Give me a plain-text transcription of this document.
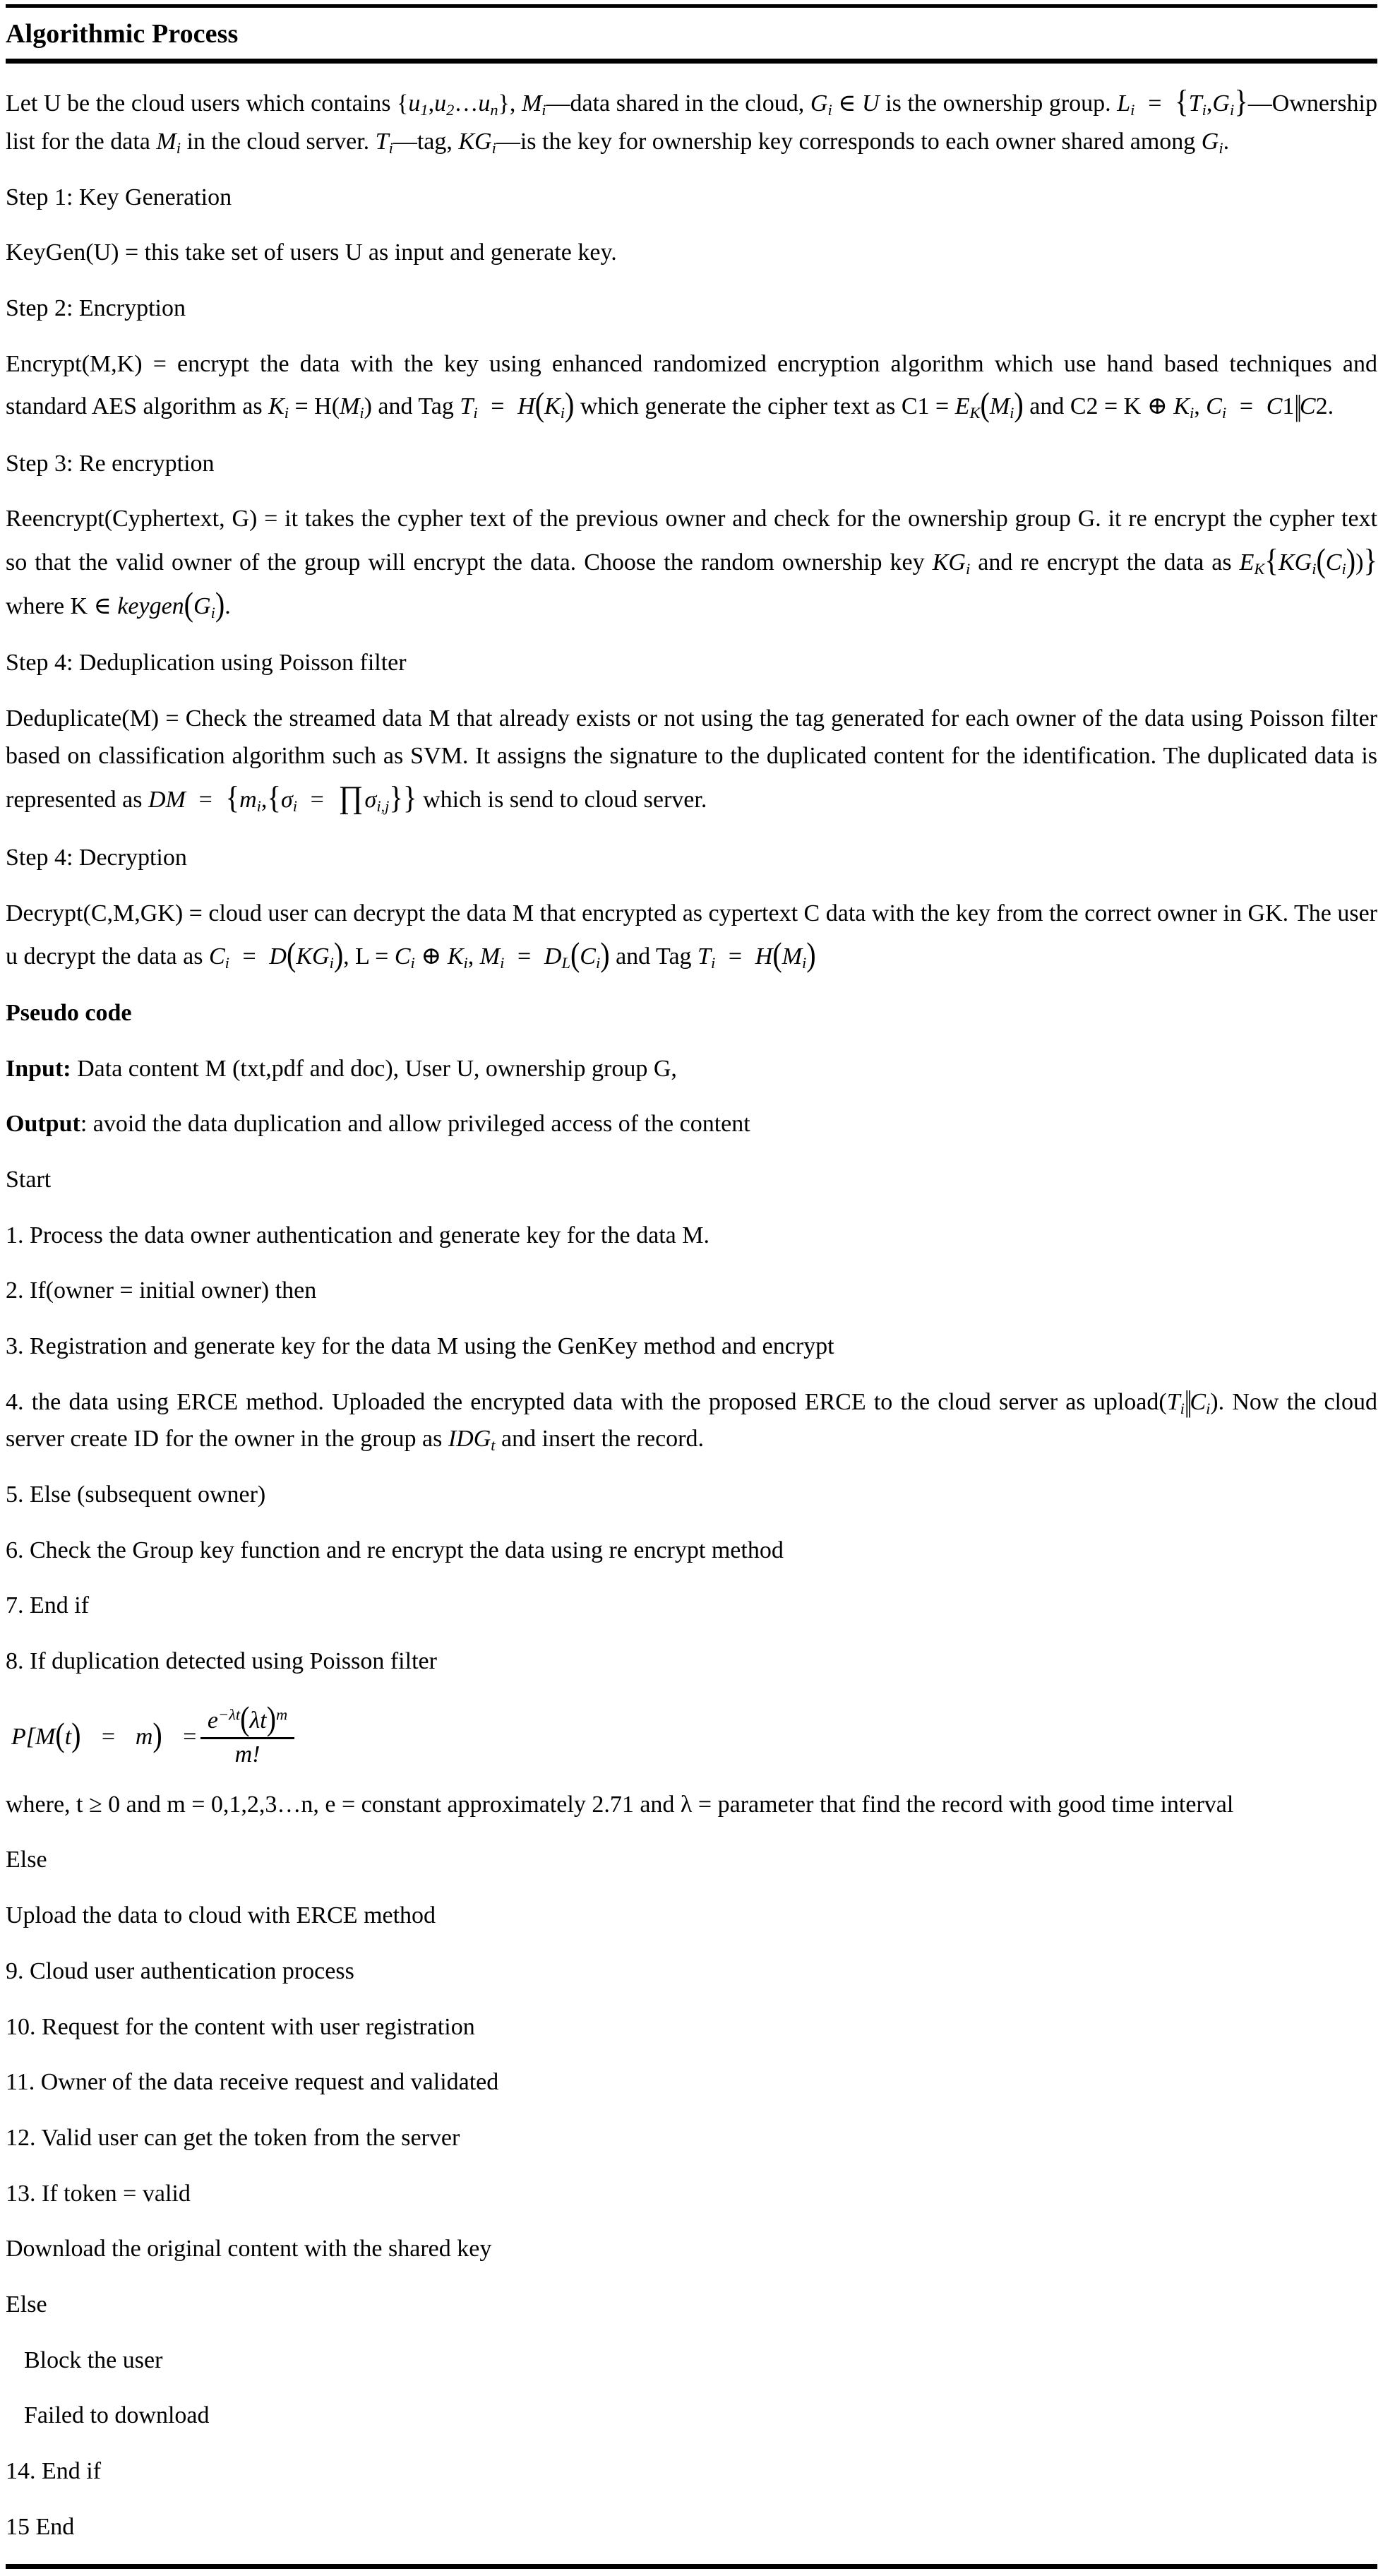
Algorithmic Process

Let U be the cloud users which contains $\{u_1,u_2\dots u_n\}$, $M_i—data$ shared in the cloud, $G_i$ ∈ U is the ownership group. $L_i$ = $\{T_i,G_i\}—Ownership$ list for the data $M_i$ in the cloud server. $T_i—tag$, $KG_i—is$ the key for ownership key corresponds to each owner shared among $G_i$.

Step 1: Key Generation

KeyGen(U) = this take set of users U as input and generate key.

Step 2: Encryption

Encrypt(M,K) = encrypt the data with the key using enhanced randomized encryption algorithm which use hand based techniques and standard AES algorithm as $K_i = H(M_i)$ and Tag $T_i = H(K_i)$ which generate the cipher text as $C1 = E_K(M_i)$ and C2 = K ⊕ $K_i$, $C_i = C1||C2$.

Step 3: Re encryption

Reencrypt(Cyphertext, G) = it takes the cypher text of the previous owner and check for the ownership group G. it re encrypt the cypher text so that the valid owner of the group will encrypt the data. Choose the random ownership key $KG_i$ and re encrypt the data as $E_K\{KG_i(C_i))$} where K ∈ $keygen(G_i)$.

Step 4: Deduplication using Poisson filter

Deduplicate(M) = Check the streamed data M that already exists or not using the tag generated for each owner of the data using Poisson filter based on classification algorithm such as SVM. It assigns the signature to the duplicated content for the identification. The duplicated data is represented as DM = {$m_i,\{\sigma_i$ = $\prod\sigma_{i,j}$}} which is send to cloud server.

Step 4: Decryption

Decrypt(C,M,GK) = cloud user can decrypt the data M that encrypted as cypertext C data with the key from the correct owner in GK. The user u decrypt the data as $C_i = D(KG_i)$, $L = C_i$ ⊕ $K_i$, $M_i = D_L(C_i)$ and Tag $T_i = H(M_i)$

Pseudo code

Input: Data content M (txt,pdf and doc), User U, ownership group G,

Output: avoid the data duplication and allow privileged access of the content

Start

1. Process the data owner authentication and generate key for the data M.

2. If(owner = initial owner) then

3. Registration and generate key for the data M using the GenKey method and encrypt

4. the data using ERCE method. Uploaded the encrypted data with the proposed ERCE to the cloud server as $upload(T_i||C_i)$. Now the cloud server create ID for the owner in the group as $IDG_t$ and insert the record.

5. Else (subsequent owner)

6. Check the Group key function and re encrypt the data using re encrypt method

7. End if

8. If duplication detected using Poisson filter

$P[M(t) = m) = \frac{e^{-\lambda t}(\lambda t)^m}{m!}$

where, t ≥ 0 and m = 0,1,2,3…n, e = constant approximately 2.71 and λ = parameter that find the record with good time interval

Else

Upload the data to cloud with ERCE method

9. Cloud user authentication process

10. Request for the content with user registration

11. Owner of the data receive request and validated

12. Valid user can get the token from the server

13. If token = valid

Download the original content with the shared key

Else

Block the user

Failed to download

14. End if

15 End
